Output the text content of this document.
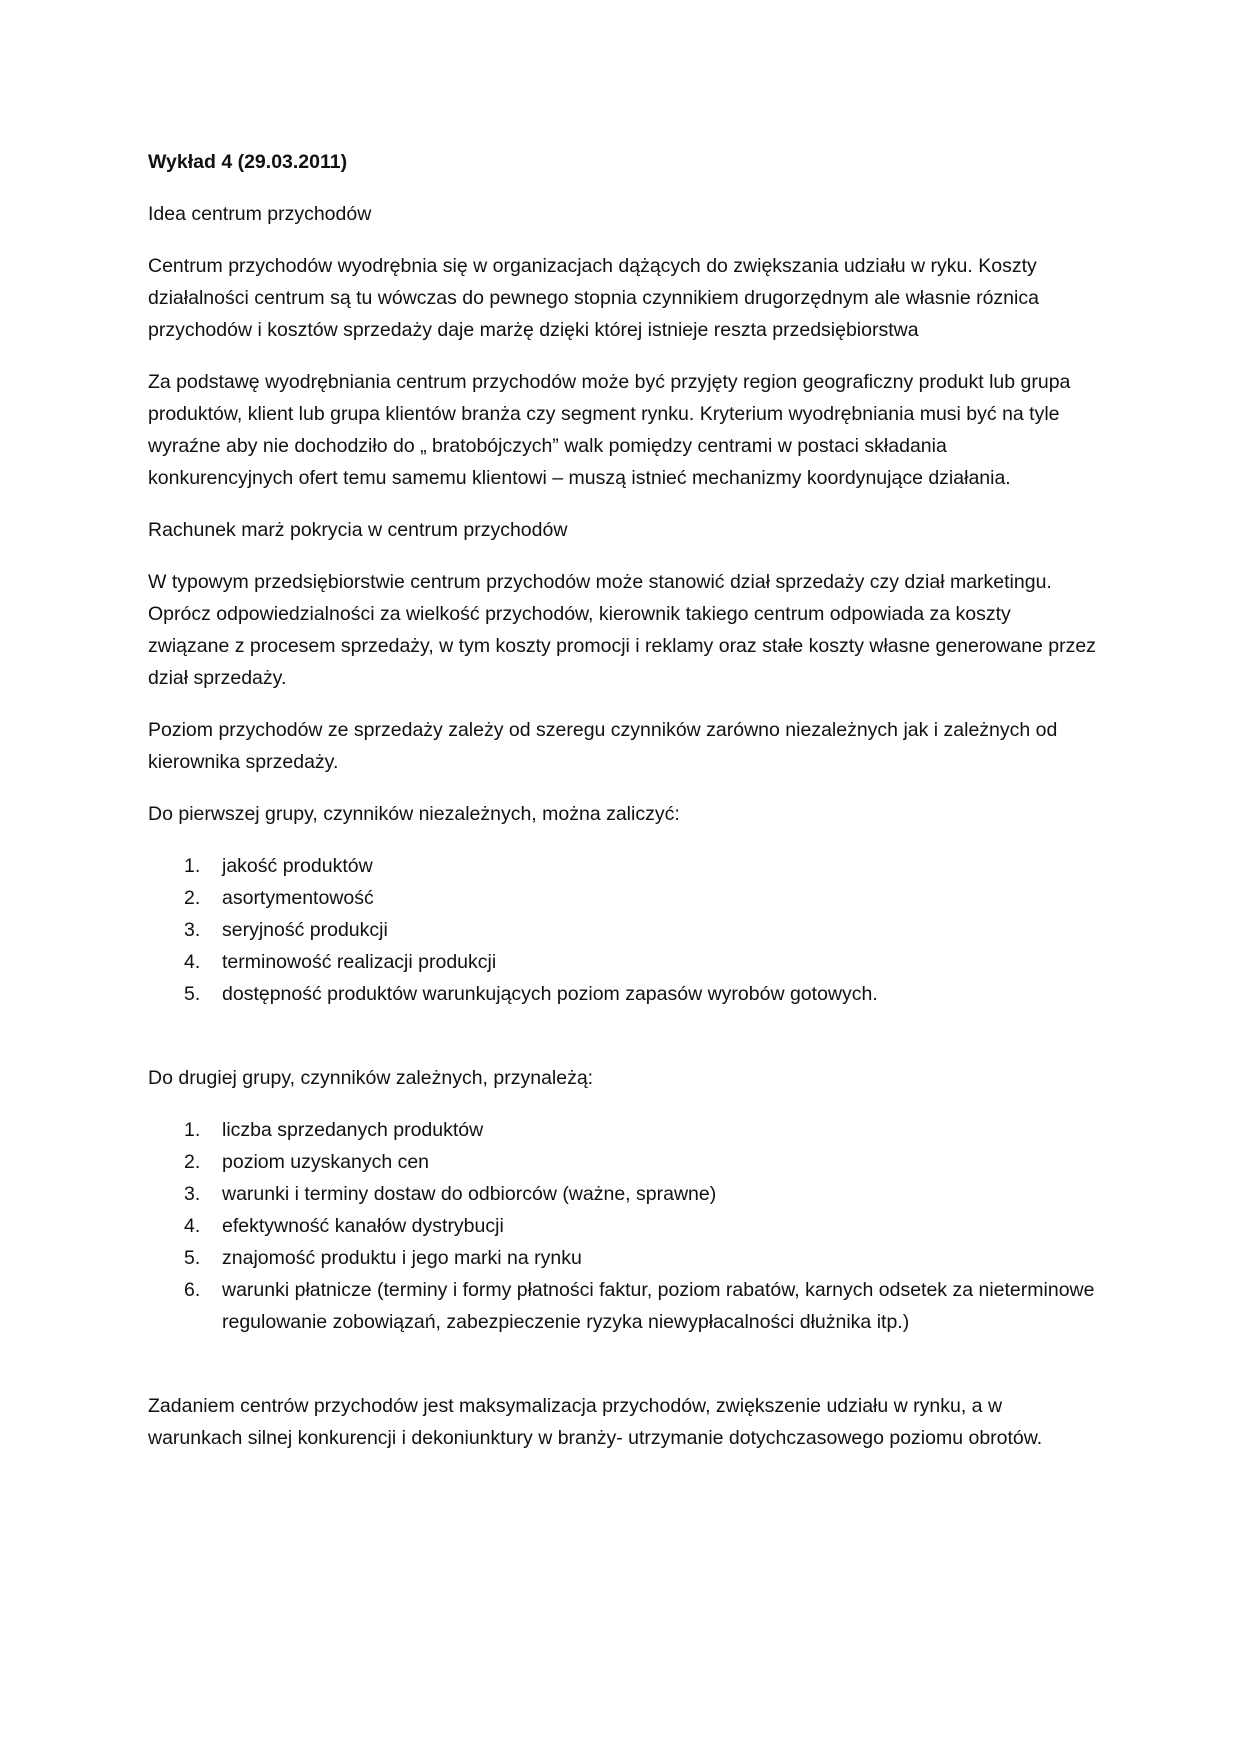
Wykład 4 (29.03.2011)

Idea centrum przychodów

Centrum przychodów wyodrębnia się w organizacjach dążących do zwiększania udziału w ryku. Koszty działalności centrum są tu wówczas do pewnego stopnia czynnikiem drugorzędnym ale własnie róznica przychodów i kosztów sprzedaży daje marżę dzięki której istnieje reszta przedsiębiorstwa

Za podstawę wyodrębniania centrum przychodów może być przyjęty region geograficzny produkt lub grupa produktów, klient lub grupa klientów branża czy segment rynku. Kryterium wyodrębniania musi być na tyle wyraźne aby nie dochodziło do „ bratobójczych” walk pomiędzy centrami w postaci składania konkurencyjnych ofert temu samemu klientowi – muszą istnieć mechanizmy koordynujące działania.

Rachunek marż pokrycia w centrum przychodów

W typowym przedsiębiorstwie centrum przychodów może stanowić dział sprzedaży czy dział marketingu. Oprócz odpowiedzialności za wielkość przychodów, kierownik takiego centrum odpowiada za koszty związane z procesem sprzedaży, w tym koszty promocji i reklamy oraz stałe koszty własne generowane przez dział sprzedaży.

Poziom przychodów ze sprzedaży zależy od szeregu czynników zarówno niezależnych jak i zależnych od kierownika sprzedaży.

Do pierwszej grupy, czynników niezależnych, można zaliczyć:

1. jakość produktów
2. asortymentowość
3. seryjność produkcji
4. terminowość realizacji produkcji
5. dostępność produktów warunkujących poziom zapasów wyrobów gotowych.

Do drugiej grupy, czynników zależnych, przynależą:

1. liczba sprzedanych produktów
2. poziom uzyskanych cen
3. warunki i terminy dostaw do odbiorców (ważne, sprawne)
4. efektywność kanałów dystrybucji
5. znajomość produktu i jego marki na rynku
6. warunki płatnicze (terminy i formy płatności faktur, poziom rabatów, karnych odsetek za nieterminowe regulowanie zobowiązań, zabezpieczenie ryzyka niewypłacalności dłużnika itp.)

Zadaniem centrów przychodów jest maksymalizacja przychodów, zwiększenie udziału w rynku, a w warunkach silnej konkurencji i dekoniunktury w branży- utrzymanie dotychczasowego poziomu obrotów.
